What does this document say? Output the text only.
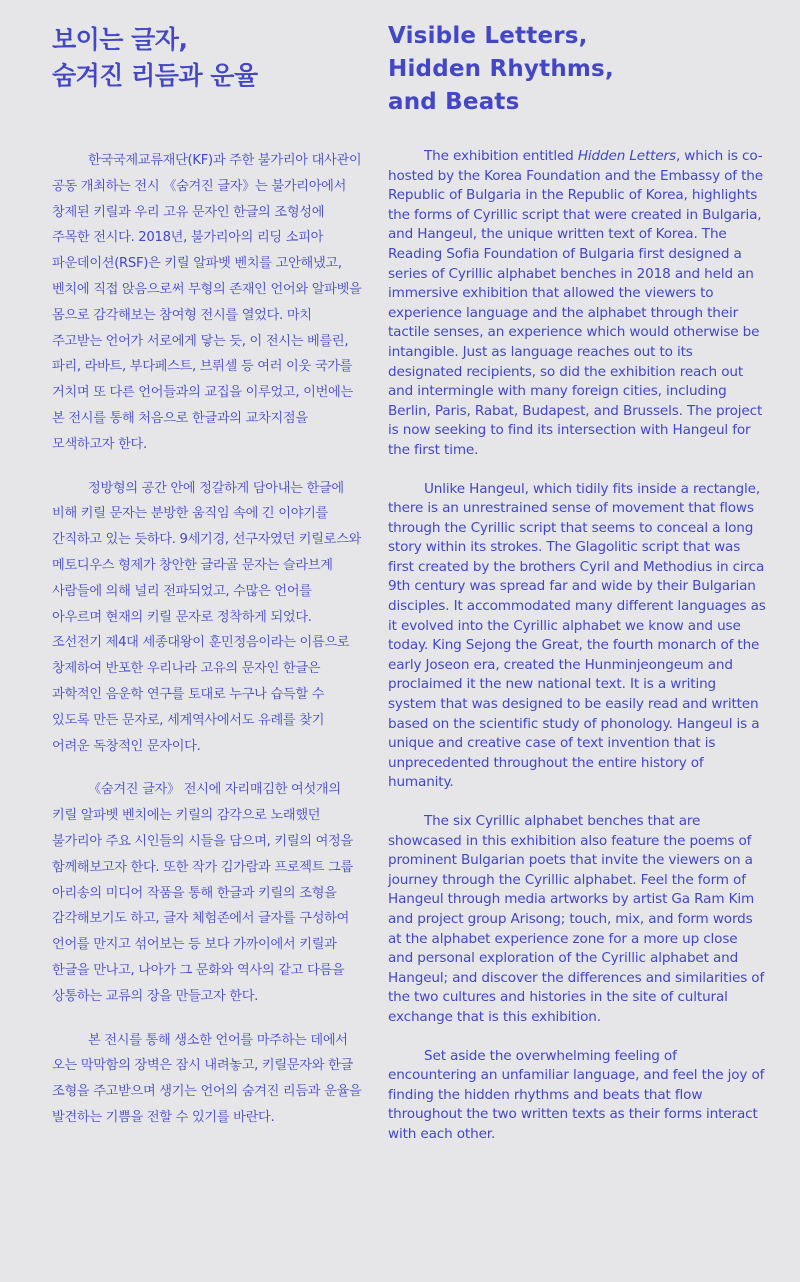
보이는 글자,
숨겨진 리듬과 운율

한국국제교류재단(KF)과 주한 불가리아 대사관이 공동 개최하는 전시 《숨겨진 글자》는 불가리아에서 창제된 키릴과 우리 고유 문자인 한글의 조형성에 주목한 전시다. 2018년, 불가리아의 리딩 소피아 파운데이션(RSF)은 키릴 알파벳 벤치를 고안해냈고, 벤치에 직접 앉음으로써 무형의 존재인 언어와 알파벳을 몸으로 감각해보는 참여형 전시를 열었다. 마치 주고받는 언어가 서로에게 닿는 듯, 이 전시는 베를린, 파리, 라바트, 부다페스트, 브뤼셀 등 여러 이웃 국가를 거치며 또 다른 언어들과의 교집을 이루었고, 이번에는 본 전시를 통해 처음으로 한글과의 교차지점을 모색하고자 한다.

정방형의 공간 안에 정갈하게 담아내는 한글에 비해 키릴 문자는 분방한 움직임 속에 긴 이야기를 간직하고 있는 듯하다. 9세기경, 선구자였던 키릴로스와 메토디우스 형제가 창안한 글라골 문자는 슬라브계 사람들에 의해 널리 전파되었고, 수많은 언어를 아우르며 현재의 키릴 문자로 정착하게 되었다. 조선전기 제4대 세종대왕이 훈민정음이라는 이름으로 창제하여 반포한 우리나라 고유의 문자인 한글은 과학적인 음운학 연구를 토대로 누구나 습득할 수 있도록 만든 문자로, 세계역사에서도 유례를 찾기 어려운 독창적인 문자이다.

《숨겨진 글자》 전시에 자리매김한 여섯개의 키릴 알파벳 벤치에는 키릴의 감각으로 노래했던 불가리아 주요 시인들의 시들을 담으며, 키릴의 여정을 함께해보고자 한다. 또한 작가 김가람과 프로젝트 그룹 아리송의 미디어 작품을 통해 한글과 키릴의 조형을 감각해보기도 하고, 글자 체험존에서 글자를 구성하여 언어를 만지고 섞어보는 등 보다 가까이에서 키릴과 한글을 만나고, 나아가 그 문화와 역사의 같고 다름을 상통하는 교류의 장을 만들고자 한다.

본 전시를 통해 생소한 언어를 마주하는 데에서 오는 막막함의 장벽은 잠시 내려놓고, 키릴문자와 한글 조형을 주고받으며 생기는 언어의 숨겨진 리듬과 운율을 발견하는 기쁨을 전할 수 있기를 바란다.

Visible Letters,
Hidden Rhythms,
and Beats

The exhibition entitled Hidden Letters, which is co-hosted by the Korea Foundation and the Embassy of the Republic of Bulgaria in the Republic of Korea, highlights the forms of Cyrillic script that were created in Bulgaria, and Hangeul, the unique written text of Korea. The Reading Sofia Foundation of Bulgaria first designed a series of Cyrillic alphabet benches in 2018 and held an immersive exhibition that allowed the viewers to experience language and the alphabet through their tactile senses, an experience which would otherwise be intangible. Just as language reaches out to its designated recipients, so did the exhibition reach out and intermingle with many foreign cities, including Berlin, Paris, Rabat, Budapest, and Brussels. The project is now seeking to find its intersection with Hangeul for the first time.

Unlike Hangeul, which tidily fits inside a rectangle, there is an unrestrained sense of movement that flows through the Cyrillic script that seems to conceal a long story within its strokes. The Glagolitic script that was first created by the brothers Cyril and Methodius in circa 9th century was spread far and wide by their Bulgarian disciples. It accommodated many different languages as it evolved into the Cyrillic alphabet we know and use today. King Sejong the Great, the fourth monarch of the early Joseon era, created the Hunminjeongeum and proclaimed it the new national text. It is a writing system that was designed to be easily read and written based on the scientific study of phonology. Hangeul is a unique and creative case of text invention that is unprecedented throughout the entire history of humanity.

The six Cyrillic alphabet benches that are showcased in this exhibition also feature the poems of prominent Bulgarian poets that invite the viewers on a journey through the Cyrillic alphabet. Feel the form of Hangeul through media artworks by artist Ga Ram Kim and project group Arisong; touch, mix, and form words at the alphabet experience zone for a more up close and personal exploration of the Cyrillic alphabet and Hangeul; and discover the differences and similarities of the two cultures and histories in the site of cultural exchange that is this exhibition.

Set aside the overwhelming feeling of encountering an unfamiliar language, and feel the joy of finding the hidden rhythms and beats that flow throughout the two written texts as their forms interact with each other.
